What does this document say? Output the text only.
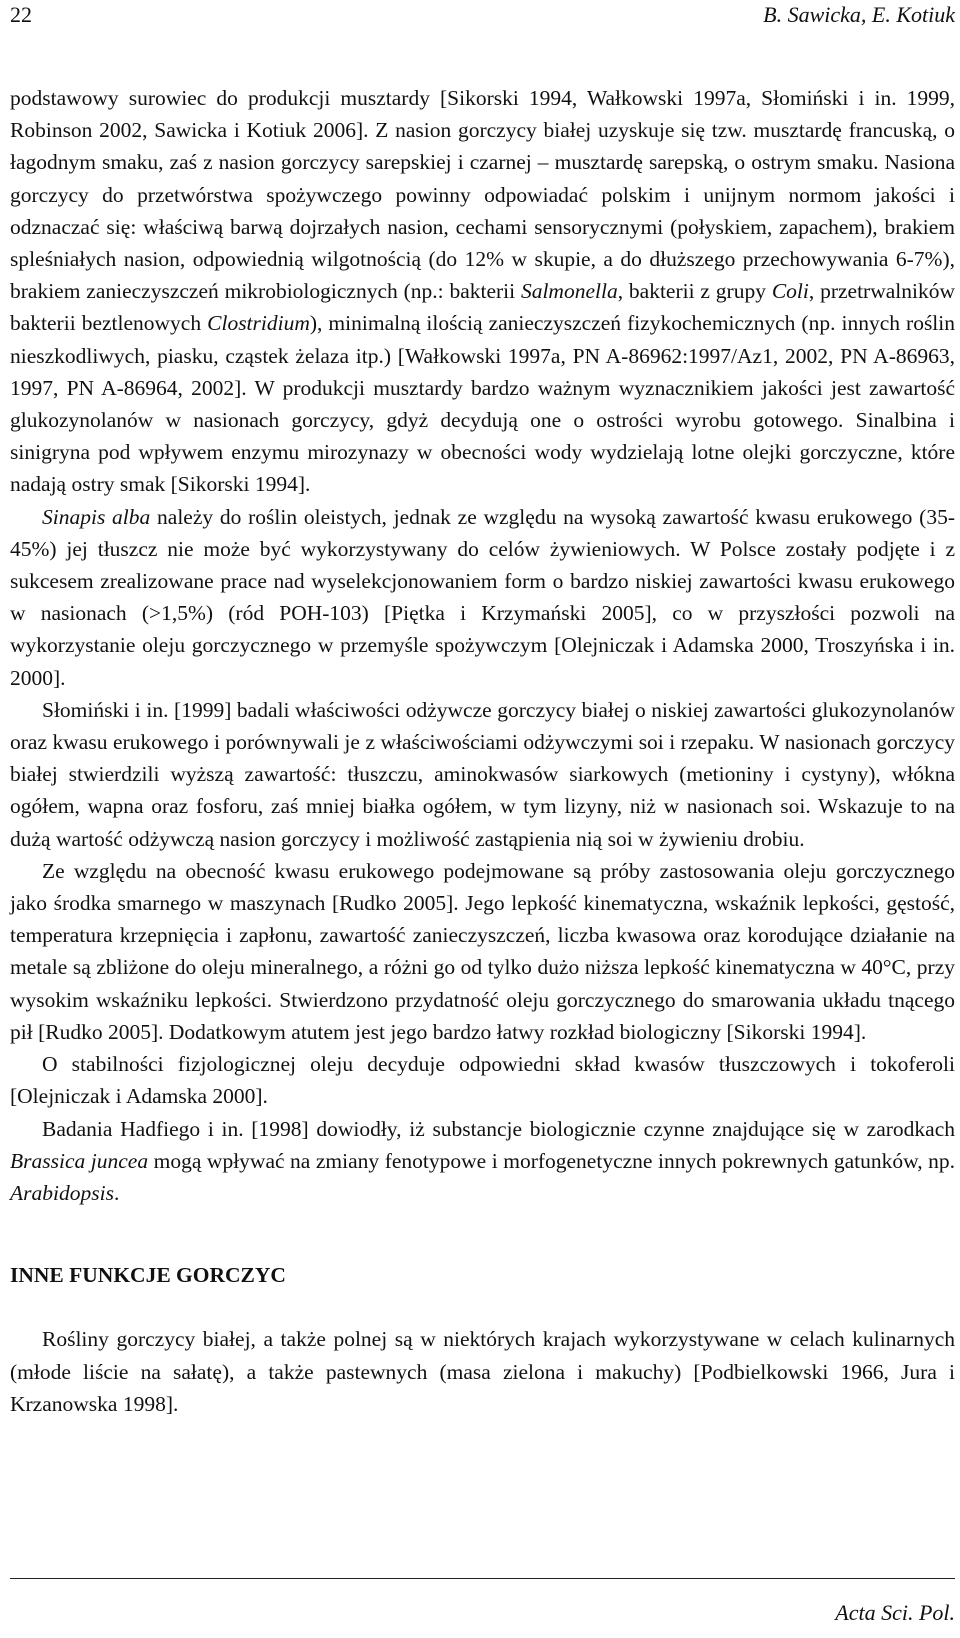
22	B. Sawicka, E. Kotiuk

podstawowy surowiec do produkcji musztardy [Sikorski 1994, Wałkowski 1997a, Słomiński i in. 1999, Robinson 2002, Sawicka i Kotiuk 2006]. Z nasion gorczycy białej uzyskuje się tzw. musztardę francuską, o łagodnym smaku, zaś z nasion gorczycy sarepskiej i czarnej – musztardę sarepską, o ostrym smaku. Nasiona gorczycy do przetwórstwa spożywczego powinny odpowiadać polskim i unijnym normom jakości i odznaczać się: właściwą barwą dojrzałych nasion, cechami sensorycznymi (połyskiem, zapachem), brakiem spleśniałych nasion, odpowiednią wilgotnością (do 12% w skupie, a do dłuższego przechowywania 6-7%), brakiem zanieczyszczeń mikrobiologicznych (np.: bakterii Salmonella, bakterii z grupy Coli, przetrwalników bakterii beztlenowych Clostridium), minimalną ilością zanieczyszczeń fizykochemicznych (np. innych roślin nieszkodliwych, piasku, cząstek żelaza itp.) [Wałkowski 1997a, PN A-86962:1997/Az1, 2002, PN A-86963, 1997, PN A-86964, 2002]. W produkcji musztardy bardzo ważnym wyznacznikiem jakości jest zawartość glukozynolanów w nasionach gorczycy, gdyż decydują one o ostrości wyrobu gotowego. Sinalbina i sinigryna pod wpływem enzymu mirozynazy w obecności wody wydzielają lotne olejki gorczyczne, które nadają ostry smak [Sikorski 1994].

Sinapis alba należy do roślin oleistych, jednak ze względu na wysoką zawartość kwasu erukowego (35-45%) jej tłuszcz nie może być wykorzystywany do celów żywieniowych. W Polsce zostały podjęte i z sukcesem zrealizowane prace nad wyselekcjonowaniem form o bardzo niskiej zawartości kwasu erukowego w nasionach (>1,5%) (ród POH-103) [Piętka i Krzymański 2005], co w przyszłości pozwoli na wykorzystanie oleju gorczycznego w przemyśle spożywczym [Olejniczak i Adamska 2000, Troszyńska i in. 2000].

Słomiński i in. [1999] badali właściwości odżywcze gorczycy białej o niskiej zawartości glukozynolanów oraz kwasu erukowego i porównywali je z właściwościami odżywczymi soi i rzepaku. W nasionach gorczycy białej stwierdzili wyższą zawartość: tłuszczu, aminokwasów siarkowych (metioniny i cystyny), włókna ogółem, wapna oraz fosforu, zaś mniej białka ogółem, w tym lizyny, niż w nasionach soi. Wskazuje to na dużą wartość odżywczą nasion gorczycy i możliwość zastąpienia nią soi w żywieniu drobiu.

Ze względu na obecność kwasu erukowego podejmowane są próby zastosowania oleju gorczycznego jako środka smarnego w maszynach [Rudko 2005]. Jego lepkość kinematyczna, wskaźnik lepkości, gęstość, temperatura krzepnięcia i zapłonu, zawartość zanieczyszczeń, liczba kwasowa oraz korodujące działanie na metale są zbliżone do oleju mineralnego, a różni go od tylko dużo niższa lepkość kinematyczna w 40°C, przy wysokim wskaźniku lepkości. Stwierdzono przydatność oleju gorczycznego do smarowania układu tnącego pił [Rudko 2005]. Dodatkowym atutem jest jego bardzo łatwy rozkład biologiczny [Sikorski 1994].

O stabilności fizjologicznej oleju decyduje odpowiedni skład kwasów tłuszczowych i tokoferoli [Olejniczak i Adamska 2000].

Badania Hadfiego i in. [1998] dowiodły, iż substancje biologicznie czynne znajdujące się w zarodkach Brassica juncea mogą wpływać na zmiany fenotypowe i morfogenetyczne innych pokrewnych gatunków, np. Arabidopsis.

INNE FUNKCJE GORCZYC

Rośliny gorczycy białej, a także polnej są w niektórych krajach wykorzystywane w celach kulinarnych (młode liście na sałatę), a także pastewnych (masa zielona i makuchy) [Podbielkowski 1966, Jura i Krzanowska 1998].

Acta Sci. Pol.
